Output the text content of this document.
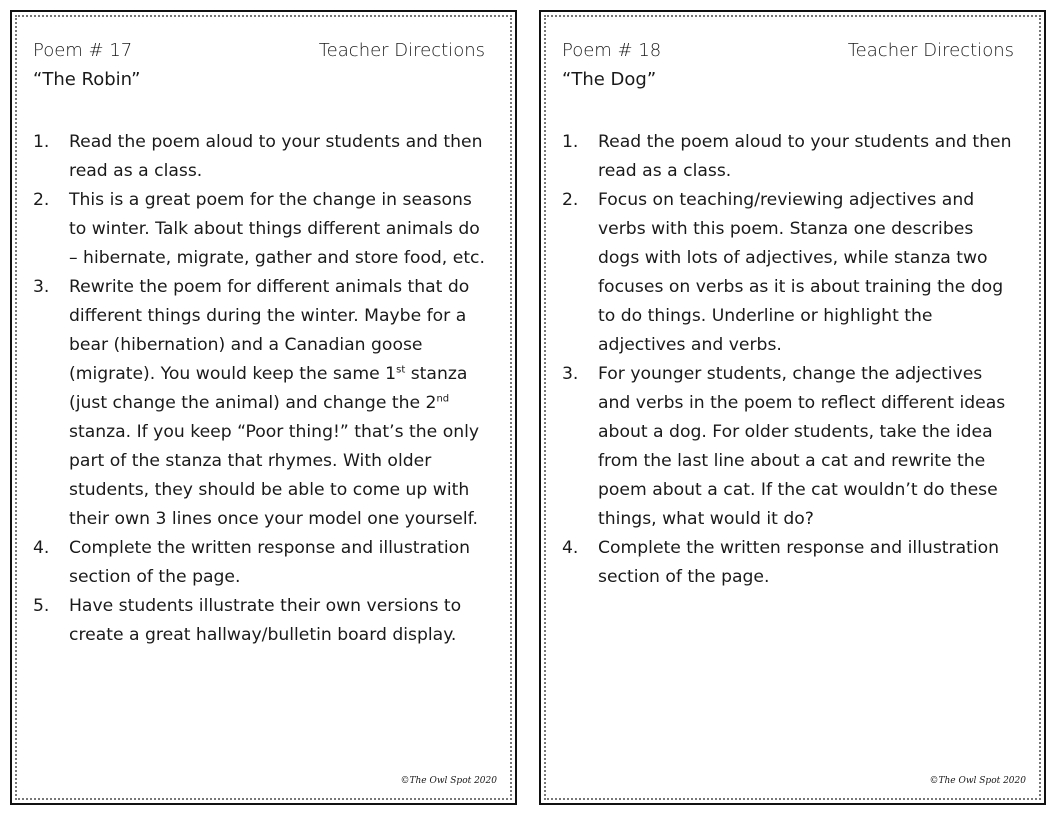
Poem # 17	Teacher Directions
“The Robin”
1.	Read the poem aloud to your students and then read as a class.
2.	This is a great poem for the change in seasons to winter. Talk about things different animals do – hibernate, migrate, gather and store food, etc.
3.	Rewrite the poem for different animals that do different things during the winter. Maybe for a bear (hibernation) and a Canadian goose (migrate). You would keep the same 1st stanza (just change the animal) and change the 2nd stanza. If you keep “Poor thing!” that’s the only part of the stanza that rhymes. With older students, they should be able to come up with their own 3 lines once your model one yourself.
4.	Complete the written response and illustration section of the page.
5.	Have students illustrate their own versions to create a great hallway/bulletin board display.
©The Owl Spot 2020
Poem # 18	Teacher Directions
“The Dog”
1.	Read the poem aloud to your students and then read as a class.
2.	Focus on teaching/reviewing adjectives and verbs with this poem. Stanza one describes dogs with lots of adjectives, while stanza two focuses on verbs as it is about training the dog to do things. Underline or highlight the adjectives and verbs.
3.	For younger students, change the adjectives and verbs in the poem to reflect different ideas about a dog. For older students, take the idea from the last line about a cat and rewrite the poem about a cat. If the cat wouldn’t do these things, what would it do?
4.	Complete the written response and illustration section of the page.
©The Owl Spot 2020
